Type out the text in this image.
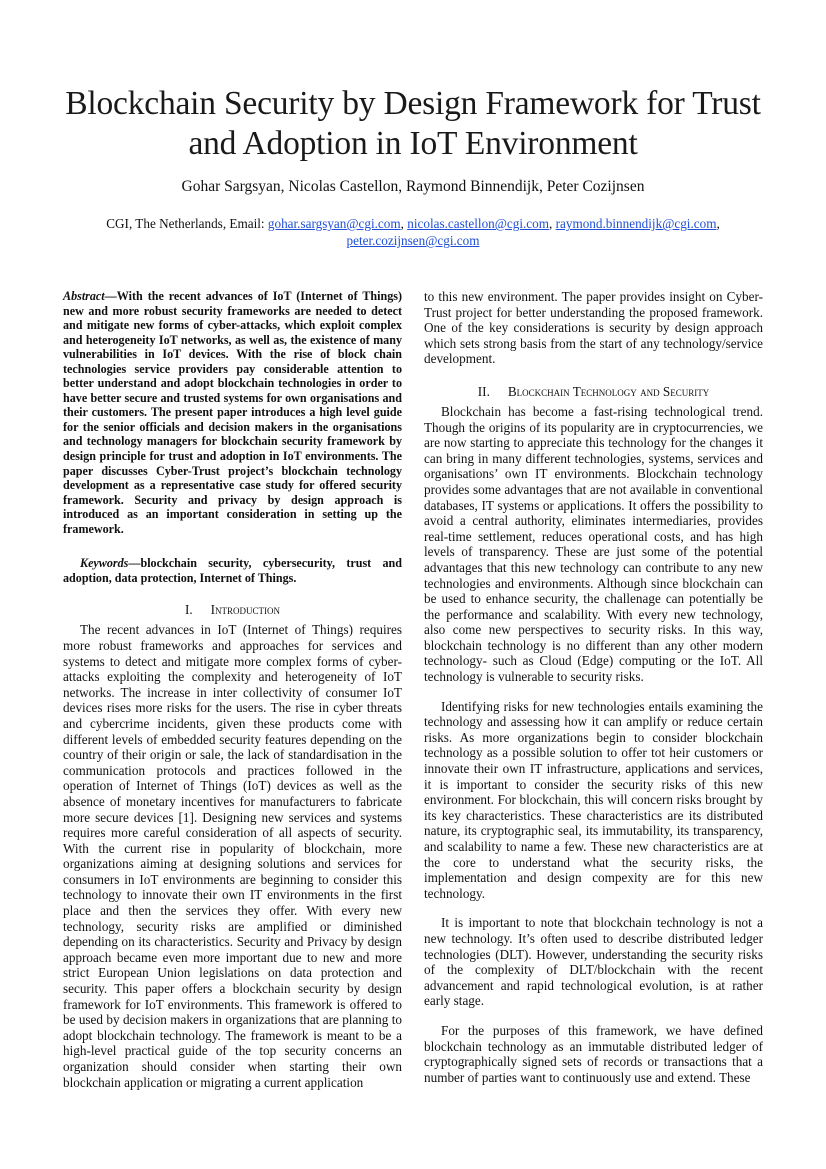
Blockchain Security by Design Framework for Trust and Adoption in IoT Environment
Gohar Sargsyan, Nicolas Castellon, Raymond Binnendijk, Peter Cozijnsen
CGI, The Netherlands, Email: gohar.sargsyan@cgi.com, nicolas.castellon@cgi.com, raymond.binnendijk@cgi.com,
peter.cozijnsen@cgi.com

Abstract—With the recent advances of IoT (Internet of Things) new and more robust security frameworks are needed to detect and mitigate new forms of cyber-attacks, which exploit complex and heterogeneity IoT networks, as well as, the existence of many vulnerabilities in IoT devices. With the rise of block chain technologies service providers pay considerable attention to better understand and adopt blockchain technologies in order to have better secure and trusted systems for own organisations and their customers. The present paper introduces a high level guide for the senior officials and decision makers in the organisations and technology managers for blockchain security framework by design principle for trust and adoption in IoT environments. The paper discusses Cyber-Trust project’s blockchain technology development as a representative case study for offered security framework. Security and privacy by design approach is introduced as an important consideration in setting up the framework.

Keywords—blockchain security, cybersecurity, trust and adoption, data protection, Internet of Things.

I. Introduction

The recent advances in IoT (Internet of Things) requires more robust frameworks and approaches for services and systems to detect and mitigate more complex forms of cyber-attacks exploiting the complexity and heterogeneity of IoT networks. The increase in inter collectivity of consumer IoT devices rises more risks for the users. The rise in cyber threats and cybercrime incidents, given these products come with different levels of embedded security features depending on the country of their origin or sale, the lack of standardisation in the communication protocols and practices followed in the operation of Internet of Things (IoT) devices as well as the absence of monetary incentives for manufacturers to fabricate more secure devices [1]. Designing new services and systems requires more careful consideration of all aspects of security. With the current rise in popularity of blockchain, more organizations aiming at designing solutions and services for consumers in IoT environments are beginning to consider this technology to innovate their own IT environments in the first place and then the services they offer. With every new technology, security risks are amplified or diminished depending on its characteristics. Security and Privacy by design approach became even more important due to new and more strict European Union legislations on data protection and security. This paper offers a blockchain security by design framework for IoT environments. This framework is offered to be used by decision makers in organizations that are planning to adopt blockchain technology. The framework is meant to be a high-level practical guide of the top security concerns an organization should consider when starting their own blockchain application or migrating a current application

to this new environment. The paper provides insight on Cyber-Trust project for better understanding the proposed framework. One of the key considerations is security by design approach which sets strong basis from the start of any technology/service development.

II. Blockchain Technology and Security

Blockchain has become a fast-rising technological trend. Though the origins of its popularity are in cryptocurrencies, we are now starting to appreciate this technology for the changes it can bring in many different technologies, systems, services and organisations’ own IT environments. Blockchain technology provides some advantages that are not available in conventional databases, IT systems or applications. It offers the possibility to avoid a central authority, eliminates intermediaries, provides real-time settlement, reduces operational costs, and has high levels of transparency. These are just some of the potential advantages that this new technology can contribute to any new technologies and environments. Although since blockchain can be used to enhance security, the challenage can potentially be the performance and scalability. With every new technology, also come new perspectives to security risks. In this way, blockchain technology is no different than any other modern technology- such as Cloud (Edge) computing or the IoT. All technology is vulnerable to security risks.

Identifying risks for new technologies entails examining the technology and assessing how it can amplify or reduce certain risks. As more organizations begin to consider blockchain technology as a possible solution to offer tot heir customers or innovate their own IT infrastructure, applications and services, it is important to consider the security risks of this new environment. For blockchain, this will concern risks brought by its key characteristics. These characteristics are its distributed nature, its cryptographic seal, its immutability, its transparency, and scalability to name a few. These new characteristics are at the core to understand what the security risks, the implementation and design compexity are for this new technology.

It is important to note that blockchain technology is not a new technology. It’s often used to describe distributed ledger technologies (DLT). However, understanding the security risks of the complexity of DLT/blockchain with the recent advancement and rapid technological evolution, is at rather early stage.

For the purposes of this framework, we have defined blockchain technology as an immutable distributed ledger of cryptographically signed sets of records or transactions that a number of parties want to continuously use and extend. These
